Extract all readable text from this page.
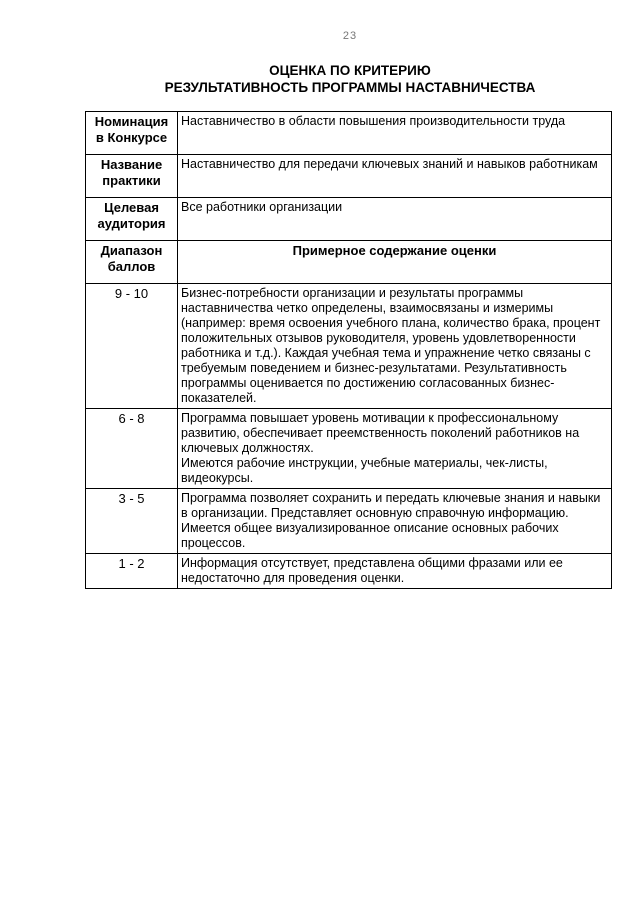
23
ОЦЕНКА ПО КРИТЕРИЮ
РЕЗУЛЬТАТИВНОСТЬ ПРОГРАММЫ НАСТАВНИЧЕСТВА
Номинация в Конкурсе	Наставничество в области повышения производительности труда
Название практики	Наставничество для передачи ключевых знаний и навыков работникам
Целевая аудитория	Все работники организации
Диапазон баллов	Примерное содержание оценки
9 - 10	Бизнес-потребности организации и результаты программы наставничества четко определены, взаимосвязаны и измеримы (например: время освоения учебного плана, количество брака, процент положительных отзывов руководителя, уровень удовлетворенности работника и т.д.). Каждая учебная тема и упражнение четко связаны с требуемым поведением и бизнес-результатами. Результативность программы оценивается по достижению согласованных бизнес-показателей.
6 - 8	Программа повышает уровень мотивации к профессиональному развитию, обеспечивает преемственность поколений работников на ключевых должностях.
Имеются рабочие инструкции, учебные материалы, чек-листы, видеокурсы.

3 - 5	Программа позволяет сохранить и передать ключевые знания и навыки в организации. Представляет основную справочную информацию. Имеется общее визуализированное описание основных рабочих процессов.
1 - 2	Информация отсутствует, представлена общими фразами или ее недостаточно для проведения оценки.
